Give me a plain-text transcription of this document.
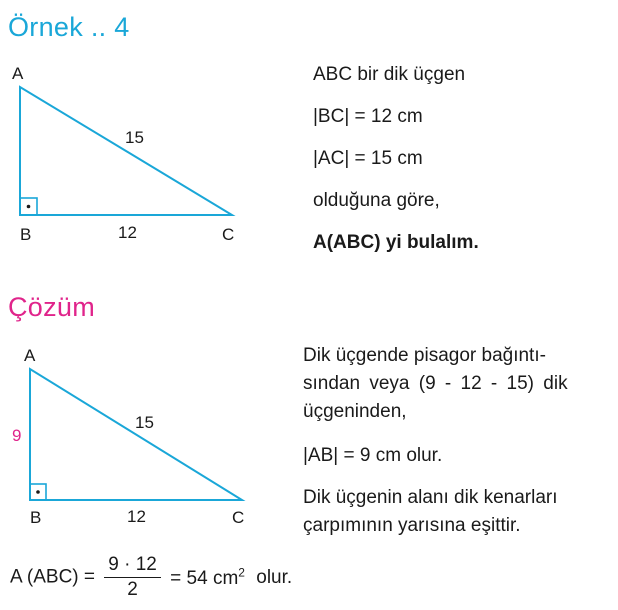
Örnek .. 4
A
B	C
15
12
A
B	C
9
15
12
ABC bir dik üçgen
|BC| = 12 cm
|AC| = 15 cm
olduğuna göre,
A(ABC) yi bulalım.
Çözüm
Dik üçgende pisagor bağıntı-
sından veya (9 - 12 - 15) dik
üçgeninden,
|AB| = 9 cm olur.
Dik üçgenin alanı dik kenarları
çarpımının yarısına eşittir.
A $(ABC) = \frac{9 \cdot 12}{2} = 54$ $cm^2$ olur.
